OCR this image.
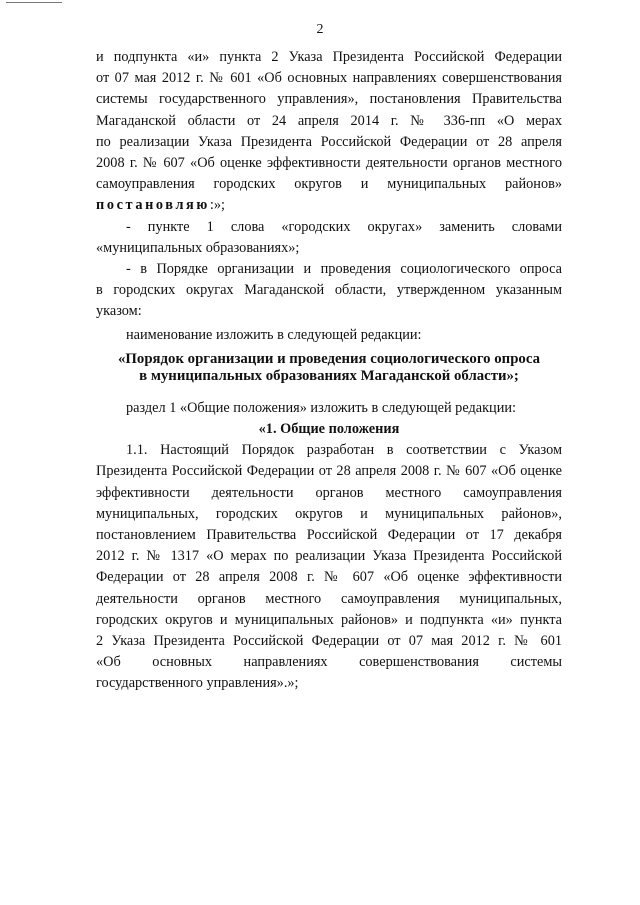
2

и подпункта «и» пункта 2 Указа Президента Российской Федерации

от 07 мая 2012 г. № 601 «Об основных направлениях совершенствования

системы государственного управления», постановления Правительства

Магаданской области от 24 апреля 2014 г. № 336-пп «О мерах

по реализации Указа Президента Российской Федерации от 28 апреля

2008 г. № 607 «Об оценке эффективности деятельности органов местного

самоуправления городских округов и муниципальных районов»

постановляю:»;

- пункте 1 слова «городских округах» заменить словами

«муниципальных образованиях»;

- в Порядке организации и проведения социологического опроса

в городских округах Магаданской области, утвержденном указанным

указом:

наименование изложить в следующей редакции:

«Порядок организации и проведения социологического опроса
в муниципальных образованиях Магаданской области»;

раздел 1 «Общие положения» изложить в следующей редакции:

«1. Общие положения

1.1. Настоящий Порядок разработан в соответствии с Указом

Президента Российской Федерации от 28 апреля 2008 г. № 607 «Об оценке

эффективности деятельности органов местного самоуправления

муниципальных, городских округов и муниципальных районов»,

постановлением Правительства Российской Федерации от 17 декабря

2012 г. № 1317 «О мерах по реализации Указа Президента Российской

Федерации от 28 апреля 2008 г. № 607 «Об оценке эффективности

деятельности органов местного самоуправления муниципальных,

городских округов и муниципальных районов» и подпункта «и» пункта

2 Указа Президента Российской Федерации от 07 мая 2012 г. № 601

«Об основных направлениях совершенствования системы

государственного управления».»;
